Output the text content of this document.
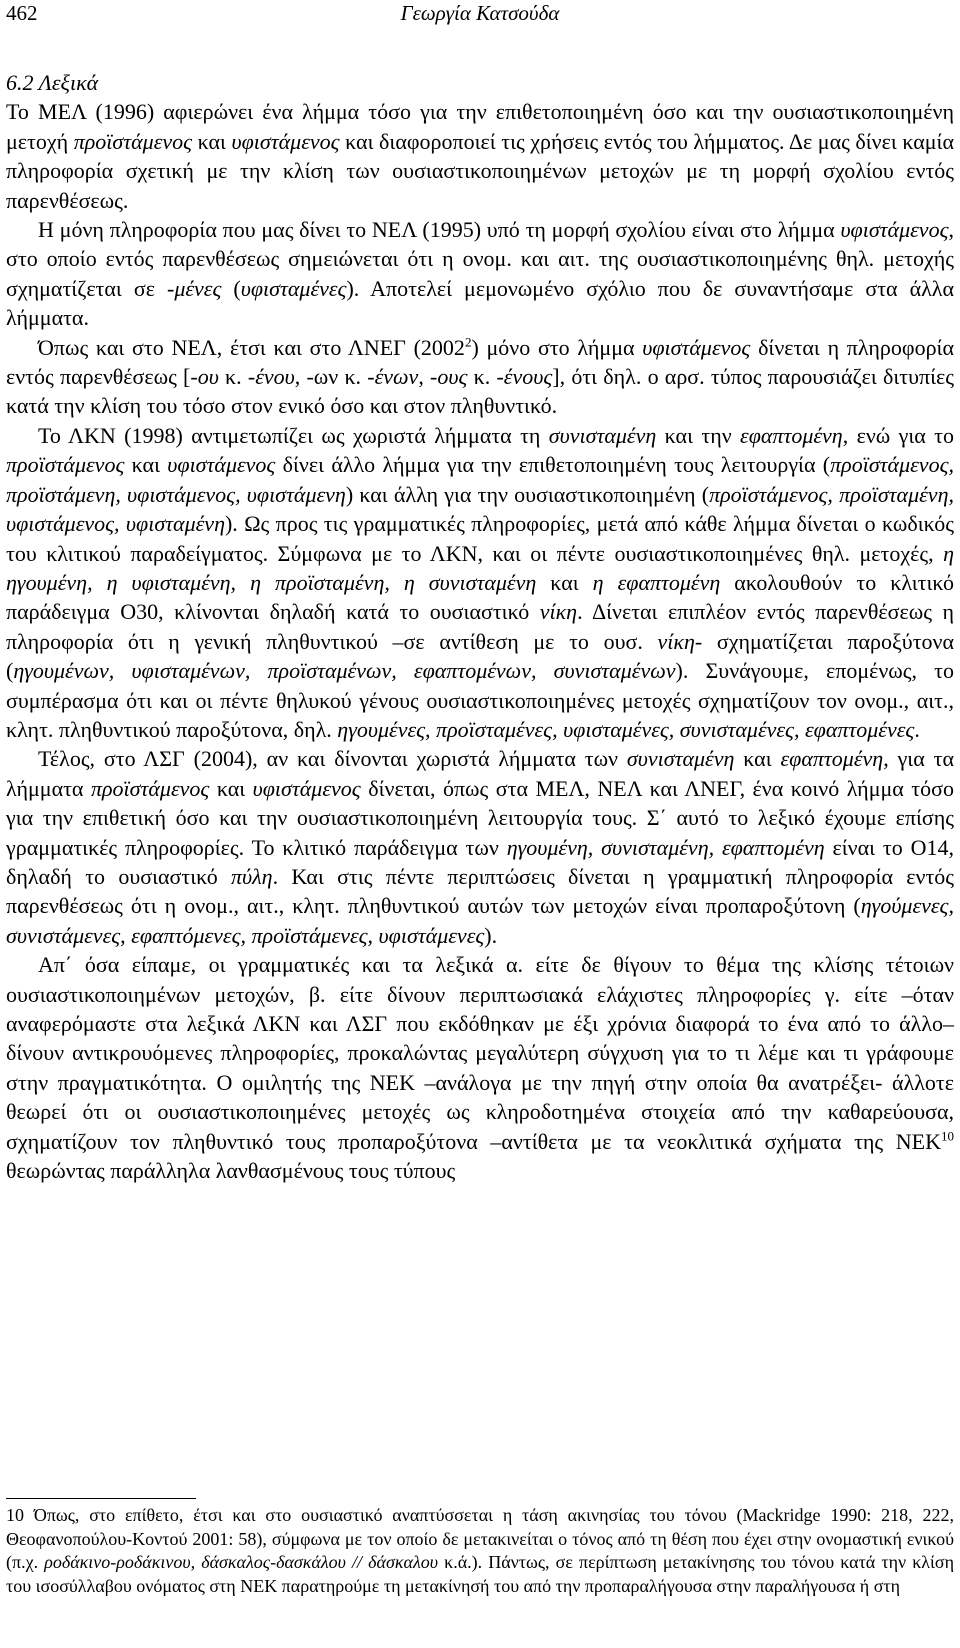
462	Γεωργία Κατσούδα
6.2 Λεξικά

Το ΜΕΛ (1996) αφιερώνει ένα λήμμα τόσο για την επιθετοποιημένη όσο και την ουσιαστικοποιημένη μετοχή προϊστάμενος και υφιστάμενος και διαφοροποιεί τις χρήσεις εντός του λήμματος. Δε μας δίνει καμία πληροφορία σχετική με την κλίση των ουσιαστικοποιημένων μετοχών με τη μορφή σχολίου εντός παρενθέσεως.

Η μόνη πληροφορία που μας δίνει το ΝΕΛ (1995) υπό τη μορφή σχολίου είναι στο λήμμα υφιστάμενος, στο οποίο εντός παρενθέσεως σημειώνεται ότι η ονομ. και αιτ. της ουσιαστικοποιημένης θηλ. μετοχής σχηματίζεται σε -μένες (υφισταμένες). Αποτελεί μεμονωμένο σχόλιο που δε συναντήσαμε στα άλλα λήμματα.

Όπως και στο ΝΕΛ, έτσι και στο ΛΝΕΓ (2002$^2$) μόνο στο λήμμα υφιστάμενος δίνεται η πληροφορία εντός παρενθέσεως [-ου κ. -ένου, -ων κ. -ένων, -ους κ. -ένους], ότι δηλ. ο αρσ. τύπος παρουσιάζει διτυπίες κατά την κλίση του τόσο στον ενικό όσο και στον πληθυντικό.

Το ΛΚΝ (1998) αντιμετωπίζει ως χωριστά λήμματα τη συνισταμένη και την εφαπτομένη, ενώ για το προϊστάμενος και υφιστάμενος δίνει άλλο λήμμα για την επιθετοποιημένη τους λειτουργία (προϊστάμενος, προϊστάμενη, υφιστάμενος, υφιστάμενη) και άλλη για την ουσιαστικοποιημένη (προϊστάμενος, προϊσταμένη, υφιστάμενος, υφισταμένη). Ως προς τις γραμματικές πληροφορίες, μετά από κάθε λήμμα δίνεται ο κωδικός του κλιτικού παραδείγματος. Σύμφωνα με το ΛΚΝ, και οι πέντε ουσιαστικοποιημένες θηλ. μετοχές, η ηγουμένη, η υφισταμένη, η προϊσταμένη, η συνισταμένη και η εφαπτομένη ακολουθούν το κλιτικό παράδειγμα Ο30, κλίνονται δηλαδή κατά το ουσιαστικό νίκη. Δίνεται επιπλέον εντός παρενθέσεως η πληροφορία ότι η γενική πληθυντικού –σε αντίθεση με το ουσ. νίκη- σχηματίζεται παροξύτονα (ηγουμένων, υφισταμένων, προϊσταμένων, εφαπτομένων, συνισταμένων). Συνάγουμε, επομένως, το συμπέρασμα ότι και οι πέντε θηλυκού γένους ουσιαστικοποιημένες μετοχές σχηματίζουν τον ονομ., αιτ., κλητ. πληθυντικού παροξύτονα, δηλ. ηγουμένες, προϊσταμένες, υφισταμένες, συνισταμένες, εφαπτομένες.

Τέλος, στο ΛΣΓ (2004), αν και δίνονται χωριστά λήμματα των συνισταμένη και εφαπτομένη, για τα λήμματα προϊστάμενος και υφιστάμενος δίνεται, όπως στα ΜΕΛ, ΝΕΛ και ΛΝΕΓ, ένα κοινό λήμμα τόσο για την επιθετική όσο και την ουσιαστικοποιημένη λειτουργία τους. Σ΄ αυτό το λεξικό έχουμε επίσης γραμματικές πληροφορίες. Το κλιτικό παράδειγμα των ηγουμένη, συνισταμένη, εφαπτομένη είναι το Ο14, δηλαδή το ουσιαστικό πύλη. Και στις πέντε περιπτώσεις δίνεται η γραμματική πληροφορία εντός παρενθέσεως ότι η ονομ., αιτ., κλητ. πληθυντικού αυτών των μετοχών είναι προπαροξύτονη (ηγούμενες, συνιστάμενες, εφαπτόμενες, προϊστάμενες, υφιστάμενες).

Απ΄ όσα είπαμε, οι γραμματικές και τα λεξικά α. είτε δε θίγουν το θέμα της κλίσης τέτοιων ουσιαστικοποιημένων μετοχών, β. είτε δίνουν περιπτωσιακά ελάχιστες πληροφορίες γ. είτε –όταν αναφερόμαστε στα λεξικά ΛΚΝ και ΛΣΓ που εκδόθηκαν με έξι χρόνια διαφορά το ένα από το άλλο– δίνουν αντικρουόμενες πληροφορίες, προκαλώντας μεγαλύτερη σύγχυση για το τι λέμε και τι γράφουμε στην πραγματικότητα. Ο ομιλητής της ΝΕΚ –ανάλογα με την πηγή στην οποία θα ανατρέξει- άλλοτε θεωρεί ότι οι ουσιαστικοποιημένες μετοχές ως κληροδοτημένα στοιχεία από την καθαρεύουσα, σχηματίζουν τον πληθυντικό τους προπαροξύτονα –αντίθετα με τα νεοκλιτικά σχήματα της ΝΕΚ$^{10}$ θεωρώντας παράλληλα λανθασμένους τους τύπους

10 Όπως, στο επίθετο, έτσι και στο ουσιαστικό αναπτύσσεται η τάση ακινησίας του τόνου (Mackridge 1990: 218, 222, Θεοφανοπούλου-Κοντού 2001: 58), σύμφωνα με τον οποίο δε μετακινείται ο τόνος από τη θέση που έχει στην ονομαστική ενικού (π.χ. ροδάκινο-ροδάκινου, δάσκαλος-δασκάλου // δάσκαλου κ.ά.). Πάντως, σε περίπτωση μετακίνησης του τόνου κατά την κλίση του ισοσύλλαβου ονόματος στη ΝΕΚ παρατηρούμε τη μετακίνησή του από την προπαραλήγουσα στην παραλήγουσα ή στη
